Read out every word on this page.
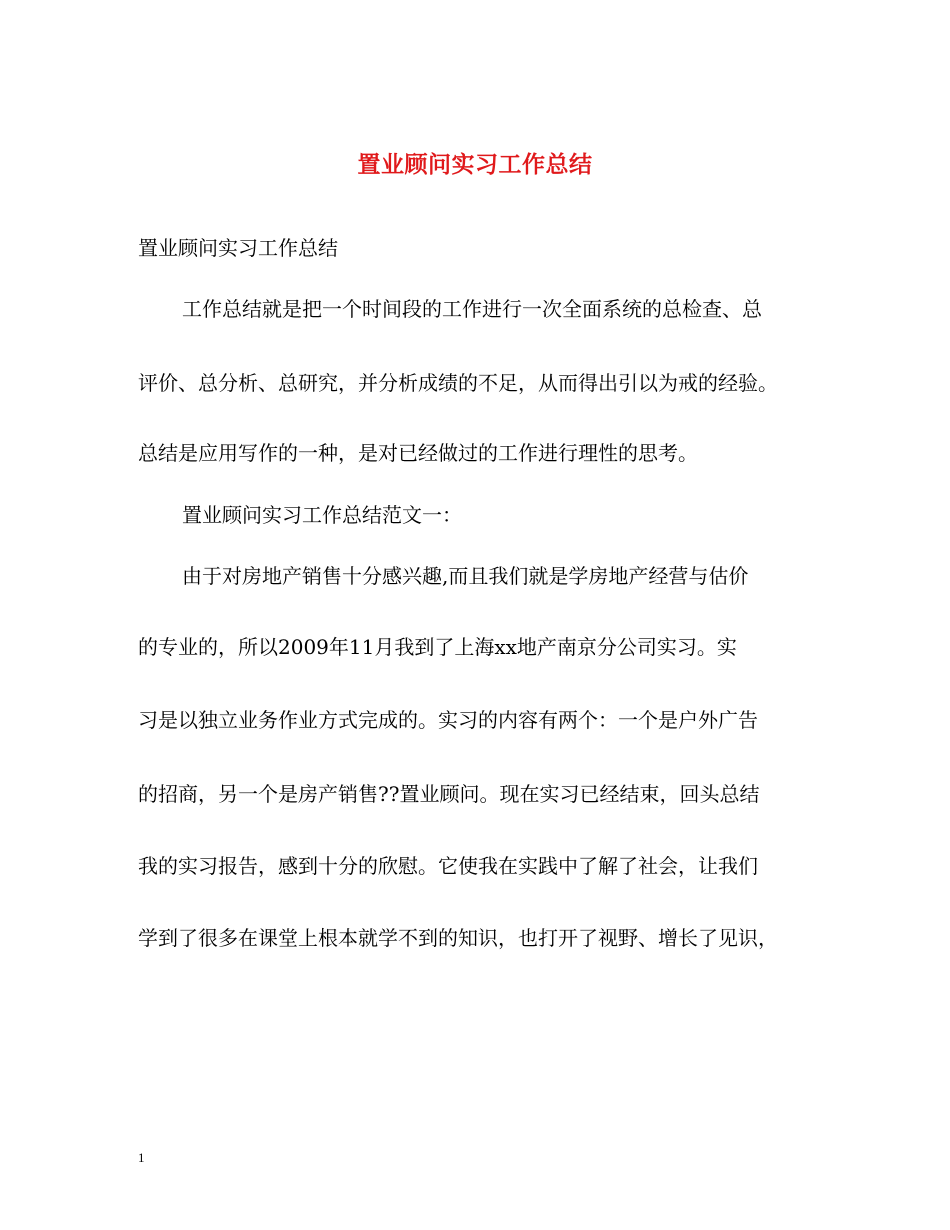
置业顾问实习工作总结
置业顾问实习工作总结
工作总结就是把一个时间段的工作进行一次全面系统的总检查、总
评价、总分析、总研究，并分析成绩的不足，从而得出引以为戒的经验。
总结是应用写作的一种，是对已经做过的工作进行理性的思考。
置业顾问实习工作总结范文一：
由于对房地产销售十分感兴趣,而且我们就是学房地产经营与估价
的专业的，所以2009年11月我到了上海xx地产南京分公司实习。实
习是以独立业务作业方式完成的。实习的内容有两个：一个是户外广告
的招商，另一个是房产销售??置业顾问。现在实习已经结束，回头总结
我的实习报告，感到十分的欣慰。它使我在实践中了解了社会，让我们
学到了很多在课堂上根本就学不到的知识，也打开了视野、增长了见识，
1
